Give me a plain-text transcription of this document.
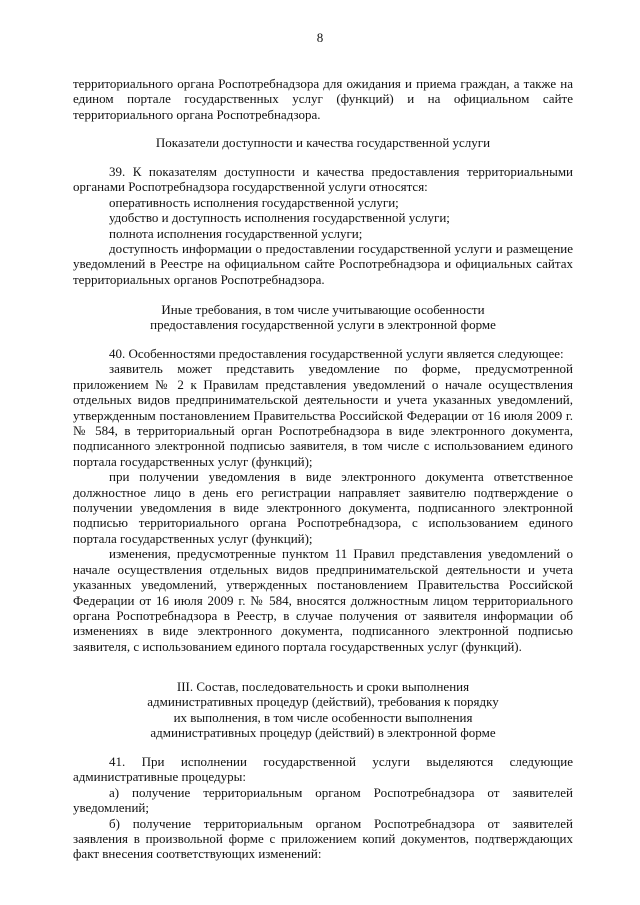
8

территориального органа Роспотребнадзора для ожидания и приема граждан, а также на едином портале государственных услуг (функций) и на официальном сайте территориального органа Роспотребнадзора.

Показатели доступности и качества государственной услуги

39. К показателям доступности и качества предоставления территориальными органами Роспотребнадзора государственной услуги относятся:

оперативность исполнения государственной услуги;

удобство и доступность исполнения государственной услуги;

полнота исполнения государственной услуги;

доступность информации о предоставлении государственной услуги и размещение уведомлений в Реестре на официальном сайте Роспотребнадзора и официальных сайтах территориальных органов Роспотребнадзора.

Иные требования, в том числе учитывающие особенности

предоставления государственной услуги в электронной форме

40. Особенностями предоставления государственной услуги является следующее:

заявитель может представить уведомление по форме, предусмотренной приложением № 2 к Правилам представления уведомлений о начале осуществления отдельных видов предпринимательской деятельности и учета указанных уведомлений, утвержденным постановлением Правительства Российской Федерации от 16 июля 2009 г. № 584, в территориальный орган Роспотребнадзора в виде электронного документа, подписанного электронной подписью заявителя, в том числе с использованием единого портала государственных услуг (функций);

при получении уведомления в виде электронного документа ответственное должностное лицо в день его регистрации направляет заявителю подтверждение о получении уведомления в виде электронного документа, подписанного электронной подписью территориального органа Роспотребнадзора, с использованием единого портала государственных услуг (функций);

изменения, предусмотренные пунктом 11 Правил представления уведомлений о начале осуществления отдельных видов предпринимательской деятельности и учета указанных уведомлений, утвержденных постановлением Правительства Российской Федерации от 16 июля 2009 г. № 584, вносятся должностным лицом территориального органа Роспотребнадзора в Реестр, в случае получения от заявителя информации об изменениях в виде электронного документа, подписанного электронной подписью заявителя, с использованием единого портала государственных услуг (функций).

III. Состав, последовательность и сроки выполнения

административных процедур (действий), требования к порядку

их выполнения, в том числе особенности выполнения

административных процедур (действий) в электронной форме

41. При исполнении государственной услуги выделяются следующие административные процедуры:

а) получение территориальным органом Роспотребнадзора от заявителей уведомлений;

б) получение территориальным органом Роспотребнадзора от заявителей заявления в произвольной форме с приложением копий документов, подтверждающих факт внесения соответствующих изменений:
